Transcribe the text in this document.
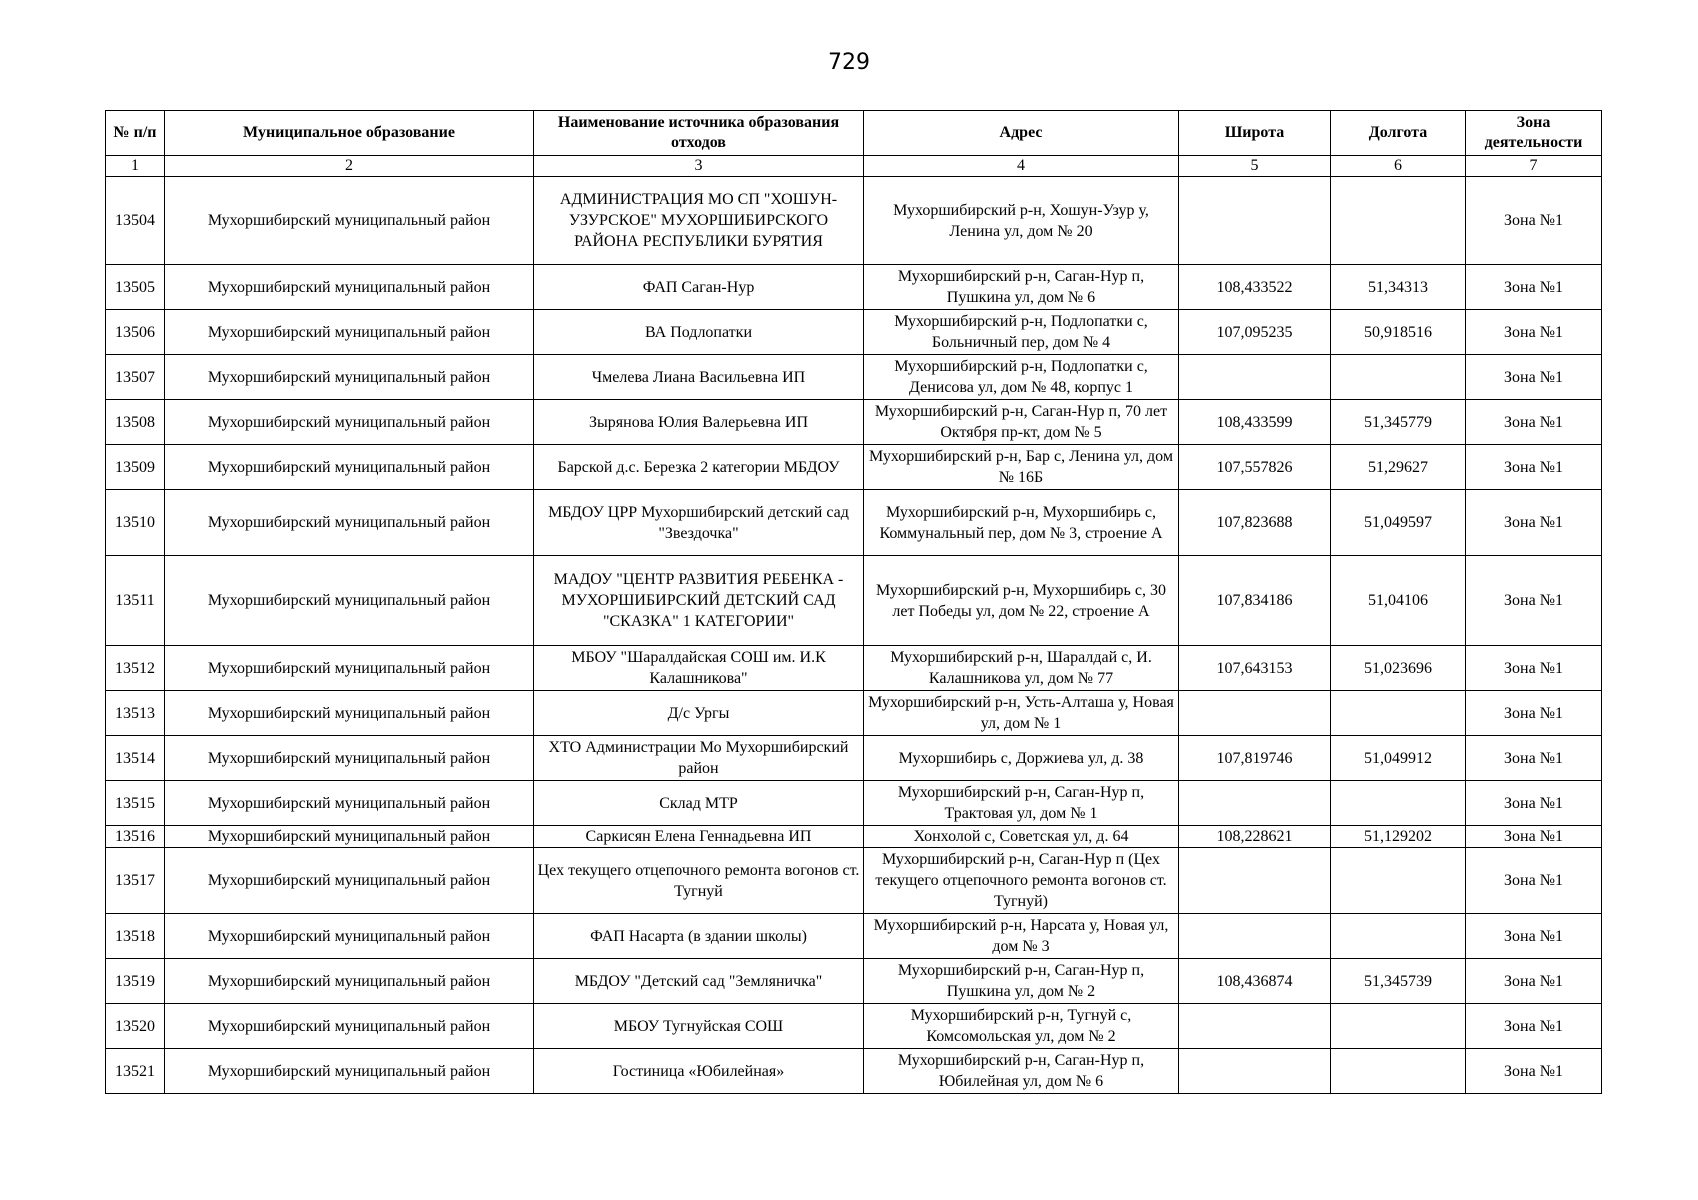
729
№ п/п	Муниципальное образование	Наименование источника образования отходов	Адрес	Широта	Долгота	Зона деятельности
1	2	3	4	5	6	7
13504	Мухоршибирский муниципальный район	АДМИНИСТРАЦИЯ МО СП "ХОШУН-УЗУРСКОЕ" МУХОРШИБИРСКОГО РАЙОНА РЕСПУБЛИКИ БУРЯТИЯ	Мухоршибирский р-н, Хошун-Узур у, Ленина ул, дом № 20			Зона №1
13505	Мухоршибирский муниципальный район	ФАП Саган-Нур	Мухоршибирский р-н, Саган-Нур п, Пушкина ул, дом № 6	108,433522	51,34313	Зона №1
13506	Мухоршибирский муниципальный район	ВА Подлопатки	Мухоршибирский р-н, Подлопатки с, Больничный пер, дом № 4	107,095235	50,918516	Зона №1
13507	Мухоршибирский муниципальный район	Чмелева Лиана Васильевна ИП	Мухоршибирский р-н, Подлопатки с, Денисова ул, дом № 48, корпус 1			Зона №1
13508	Мухоршибирский муниципальный район	Зырянова Юлия Валерьевна ИП	Мухоршибирский р-н, Саган-Нур п, 70 лет Октября пр-кт, дом № 5	108,433599	51,345779	Зона №1
13509	Мухоршибирский муниципальный район	Барской д.с. Березка 2 категории МБДОУ	Мухоршибирский р-н, Бар с, Ленина ул, дом № 16Б	107,557826	51,29627	Зона №1
13510	Мухоршибирский муниципальный район	МБДОУ ЦРР Мухоршибирский детский сад "Звездочка"	Мухоршибирский р-н, Мухоршибирь с, Коммунальный пер, дом № 3, строение А	107,823688	51,049597	Зона №1
13511	Мухоршибирский муниципальный район	МАДОУ "ЦЕНТР РАЗВИТИЯ РЕБЕНКА - МУХОРШИБИРСКИЙ ДЕТСКИЙ САД "СКАЗКА" 1 КАТЕГОРИИ"	Мухоршибирский р-н, Мухоршибирь с, 30 лет Победы ул, дом № 22, строение А	107,834186	51,04106	Зона №1
13512	Мухоршибирский муниципальный район	МБОУ "Шаралдайская СОШ им. И.К Калашникова"	Мухоршибирский р-н, Шаралдай с, И. Калашникова ул, дом № 77	107,643153	51,023696	Зона №1
13513	Мухоршибирский муниципальный район	Д/с Ургы	Мухоршибирский р-н, Усть-Алташа у, Новая ул, дом № 1			Зона №1
13514	Мухоршибирский муниципальный район	ХТО Администрации Мо Мухоршибирский район	Мухоршибирь с, Доржиева ул, д. 38	107,819746	51,049912	Зона №1
13515	Мухоршибирский муниципальный район	Склад МТР	Мухоршибирский р-н, Саган-Нур п, Трактовая ул, дом № 1			Зона №1
13516	Мухоршибирский муниципальный район	Саркисян Елена Геннадьевна ИП	Хонхолой с, Советская ул, д. 64	108,228621	51,129202	Зона №1
13517	Мухоршибирский муниципальный район	Цех текущего отцепочного ремонта вогонов ст. Тугнуй	Мухоршибирский р-н, Саган-Нур п (Цех текущего отцепочного ремонта вогонов ст. Тугнуй)			Зона №1
13518	Мухоршибирский муниципальный район	ФАП Насарта (в здании школы)	Мухоршибирский р-н, Нарсата у, Новая ул, дом № 3			Зона №1
13519	Мухоршибирский муниципальный район	МБДОУ "Детский сад "Земляничка"	Мухоршибирский р-н, Саган-Нур п, Пушкина ул, дом № 2	108,436874	51,345739	Зона №1
13520	Мухоршибирский муниципальный район	МБОУ Тугнуйская СОШ	Мухоршибирский р-н, Тугнуй с, Комсомольская ул, дом № 2			Зона №1
13521	Мухоршибирский муниципальный район	Гостиница «Юбилейная»	Мухоршибирский р-н, Саган-Нур п, Юбилейная ул, дом № 6			Зона №1
